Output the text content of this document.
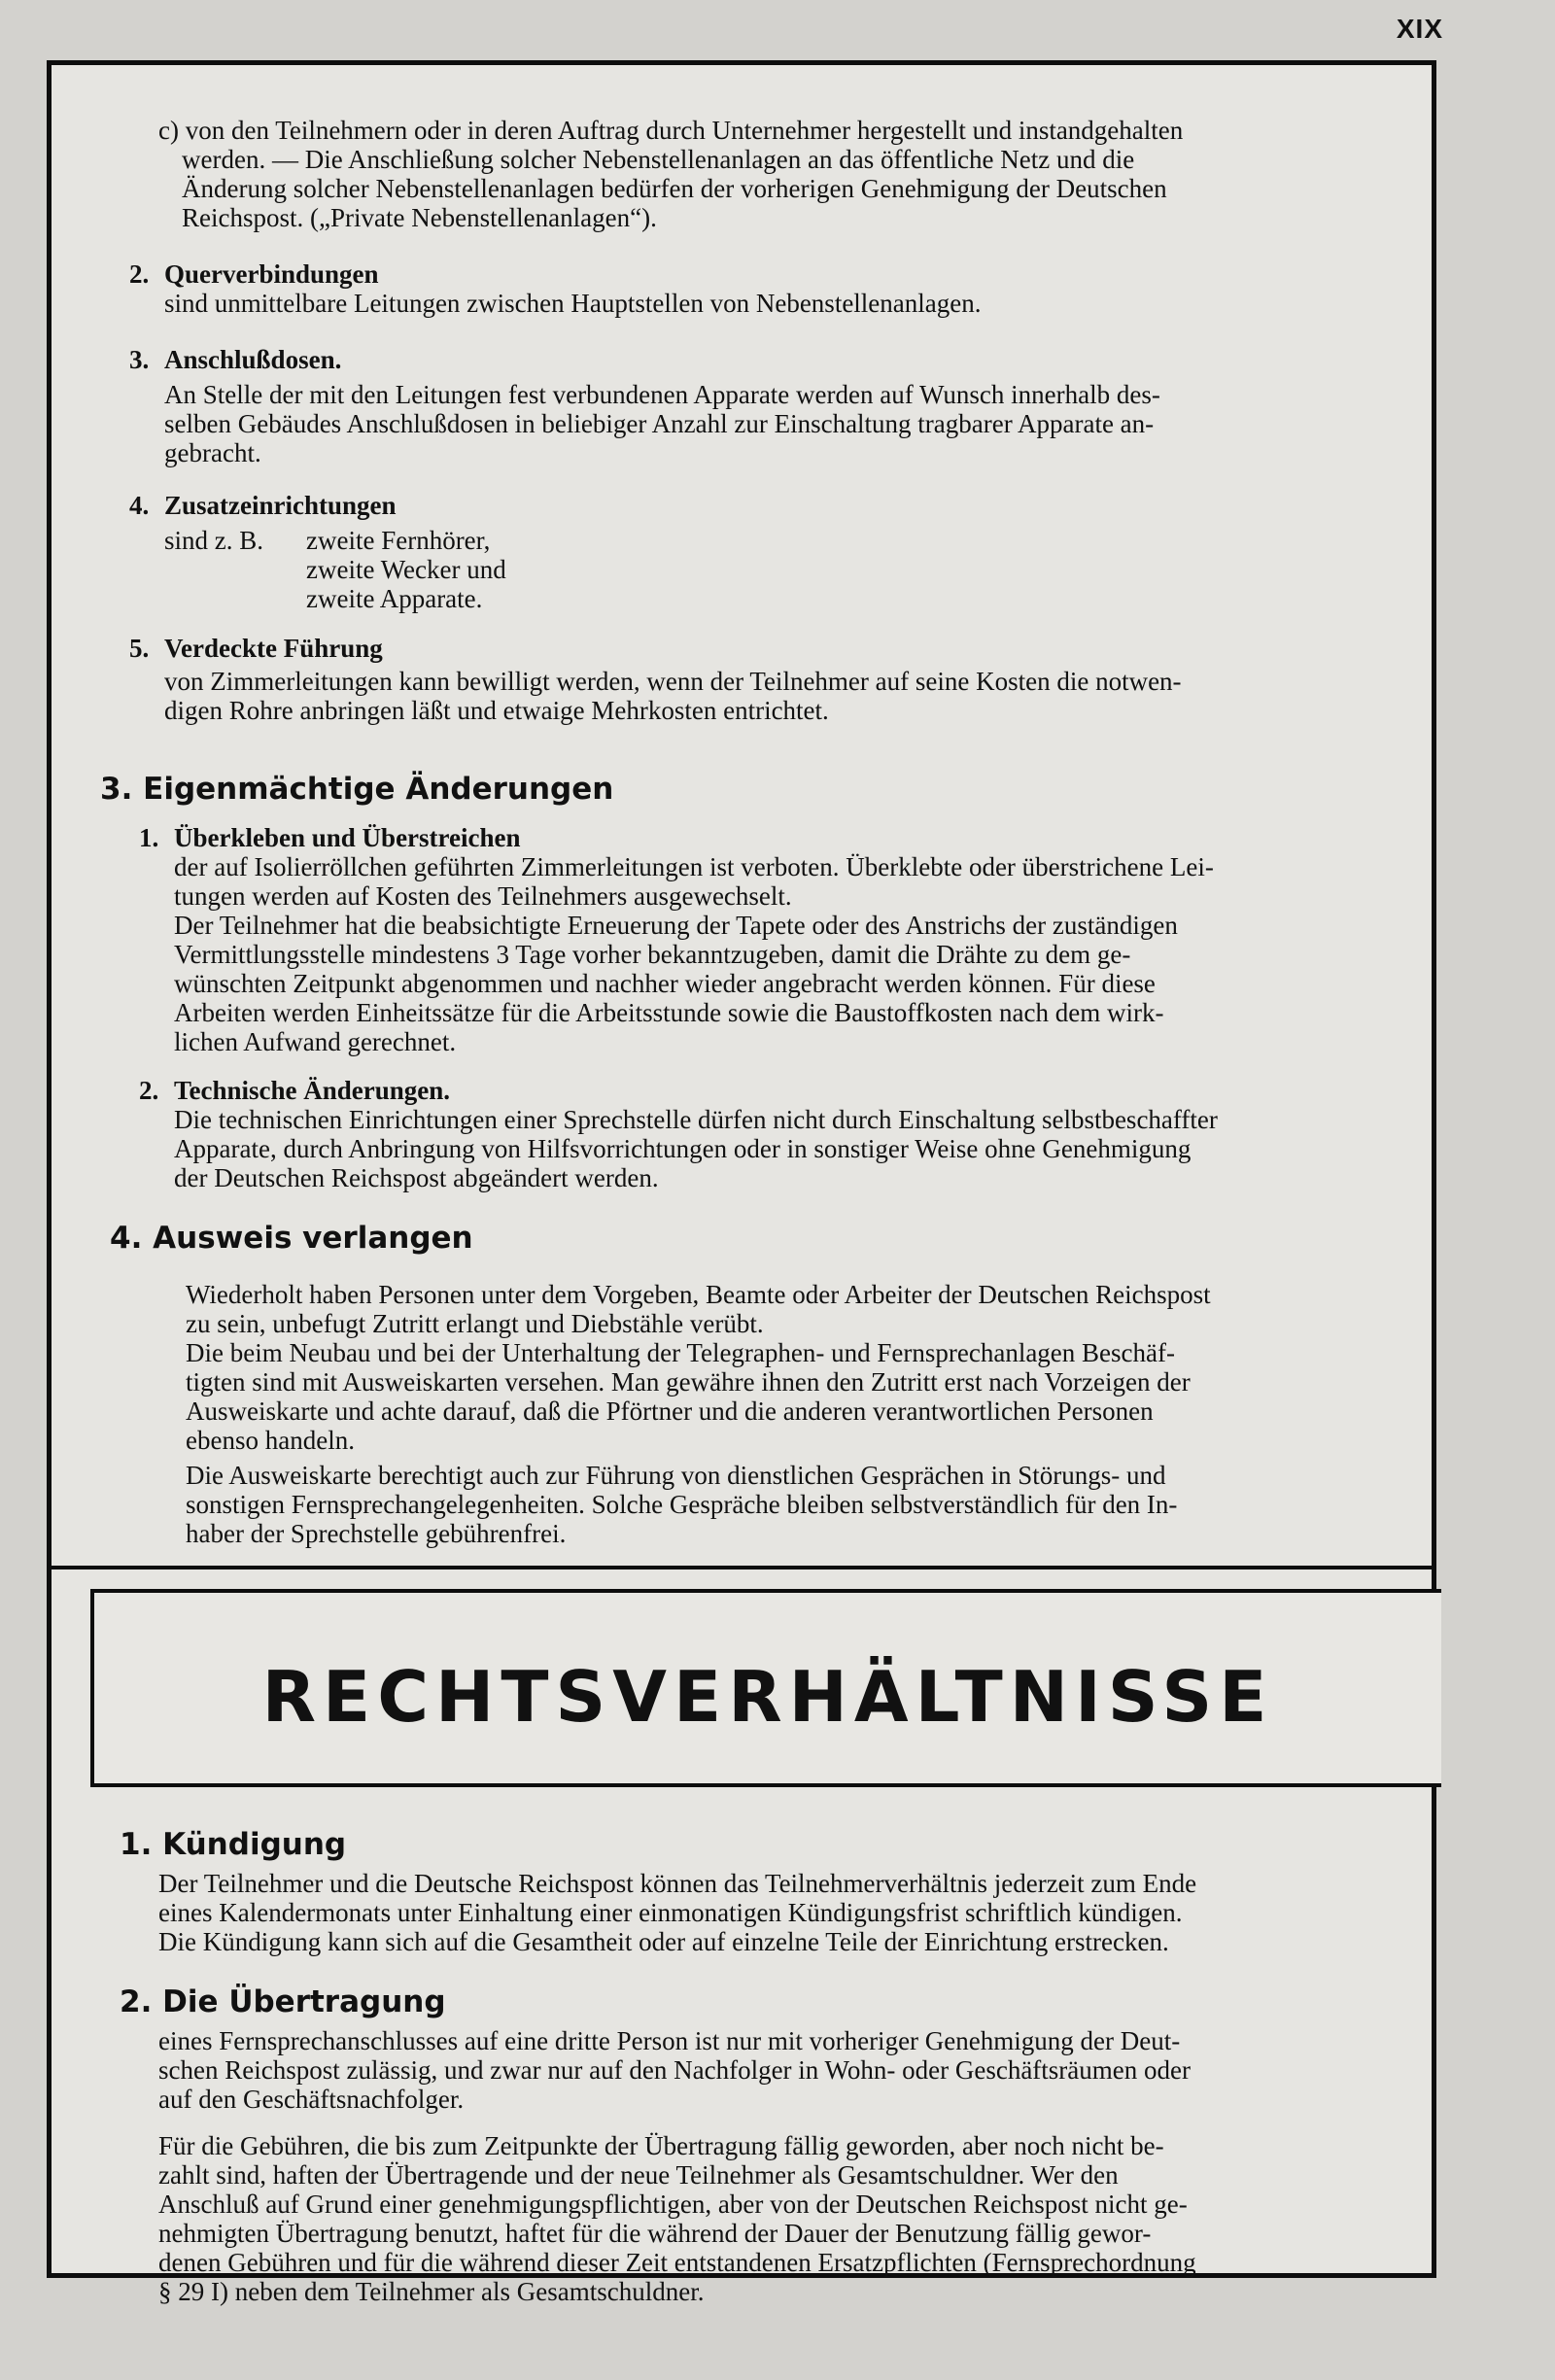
XIX
c) von den Teilnehmern oder in deren Auftrag durch Unternehmer hergestellt und instandgehalten
werden. — Die Anschließung solcher Nebenstellenanlagen an das öffentliche Netz und die
Änderung solcher Nebenstellenanlagen bedürfen der vorherigen Genehmigung der Deutschen
Reichspost. („Private Nebenstellenanlagen“).
2. Querverbindungen
sind unmittelbare Leitungen zwischen Hauptstellen von Nebenstellenanlagen.
3. Anschlußdosen.
An Stelle der mit den Leitungen fest verbundenen Apparate werden auf Wunsch innerhalb des-
selben Gebäudes Anschlußdosen in beliebiger Anzahl zur Einschaltung tragbarer Apparate an-
gebracht.
4. Zusatzeinrichtungen
sind z. B.	zweite Fernhörer,
zweite Wecker und
zweite Apparate.
5. Verdeckte Führung
von Zimmerleitungen kann bewilligt werden, wenn der Teilnehmer auf seine Kosten die notwen-
digen Rohre anbringen läßt und etwaige Mehrkosten entrichtet.
3. Eigenmächtige Änderungen
1. Überkleben und Überstreichen
der auf Isolierröllchen geführten Zimmerleitungen ist verboten. Überklebte oder überstrichene Lei-
tungen werden auf Kosten des Teilnehmers ausgewechselt.
Der Teilnehmer hat die beabsichtigte Erneuerung der Tapete oder des Anstrichs der zuständigen
Vermittlungsstelle mindestens 3 Tage vorher bekanntzugeben, damit die Drähte zu dem ge-
wünschten Zeitpunkt abgenommen und nachher wieder angebracht werden können. Für diese
Arbeiten werden Einheitssätze für die Arbeitsstunde sowie die Baustoffkosten nach dem wirk-
lichen Aufwand gerechnet.
2. Technische Änderungen.
Die technischen Einrichtungen einer Sprechstelle dürfen nicht durch Einschaltung selbstbeschaffter
Apparate, durch Anbringung von Hilfsvorrichtungen oder in sonstiger Weise ohne Genehmigung
der Deutschen Reichspost abgeändert werden.
4. Ausweis verlangen
Wiederholt haben Personen unter dem Vorgeben, Beamte oder Arbeiter der Deutschen Reichspost
zu sein, unbefugt Zutritt erlangt und Diebstähle verübt.
Die beim Neubau und bei der Unterhaltung der Telegraphen- und Fernsprechanlagen Beschäf-
tigten sind mit Ausweiskarten versehen. Man gewähre ihnen den Zutritt erst nach Vorzeigen der
Ausweiskarte und achte darauf, daß die Pförtner und die anderen verantwortlichen Personen
ebenso handeln.
Die Ausweiskarte berechtigt auch zur Führung von dienstlichen Gesprächen in Störungs- und
sonstigen Fernsprechangelegenheiten. Solche Gespräche bleiben selbstverständlich für den In-
haber der Sprechstelle gebührenfrei.
RECHTSVERHÄLTNISSE
1. Kündigung
Der Teilnehmer und die Deutsche Reichspost können das Teilnehmerverhältnis jederzeit zum Ende
eines Kalendermonats unter Einhaltung einer einmonatigen Kündigungsfrist schriftlich kündigen.
Die Kündigung kann sich auf die Gesamtheit oder auf einzelne Teile der Einrichtung erstrecken.
2. Die Übertragung
eines Fernsprechanschlusses auf eine dritte Person ist nur mit vorheriger Genehmigung der Deut-
schen Reichspost zulässig, und zwar nur auf den Nachfolger in Wohn- oder Geschäftsräumen oder
auf den Geschäftsnachfolger.
Für die Gebühren, die bis zum Zeitpunkte der Übertragung fällig geworden, aber noch nicht be-
zahlt sind, haften der Übertragende und der neue Teilnehmer als Gesamtschuldner. Wer den
Anschluß auf Grund einer genehmigungspflichtigen, aber von der Deutschen Reichspost nicht ge-
nehmigten Übertragung benutzt, haftet für die während der Dauer der Benutzung fällig gewor-
denen Gebühren und für die während dieser Zeit entstandenen Ersatzpflichten (Fernsprechordnung
§ 29 I) neben dem Teilnehmer als Gesamtschuldner.
